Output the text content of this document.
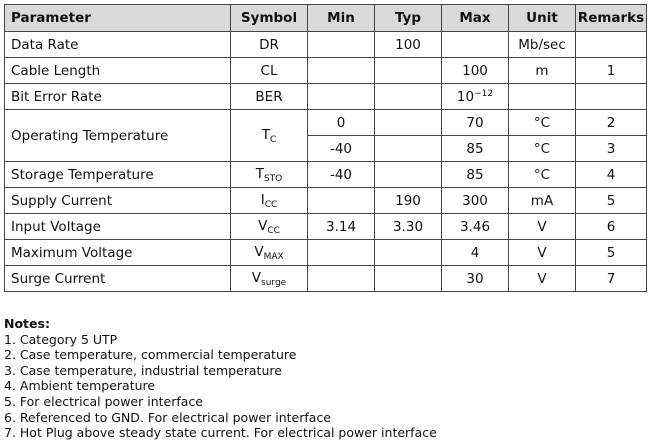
Parameter	Symbol	Min	Typ	Max	Unit	Remarks
Data Rate	DR		100		Mb/sec	
Cable Length	CL			100	m	1
Bit Error Rate	BER			$10^{-12}$		
Operating Temperature	$T_C$	0		70	°C	2
		-40		85	°C	3
Storage Temperature	$T_{STO}$	-40		85	°C	4
Supply Current	$I_{CC}$		190	300	mA	5
Input Voltage	$V_{CC}$	3.14	3.30	3.46	V	6
Maximum Voltage	$V_{MAX}$			4	V	5
Surge Current	$V_{surge}$			30	V	7
Notes:
1. Category 5 UTP
2. Case temperature, commercial temperature
3. Case temperature, industrial temperature
4. Ambient temperature
5. For electrical power interface
6. Referenced to GND. For electrical power interface
7. Hot Plug above steady state current. For electrical power interface
